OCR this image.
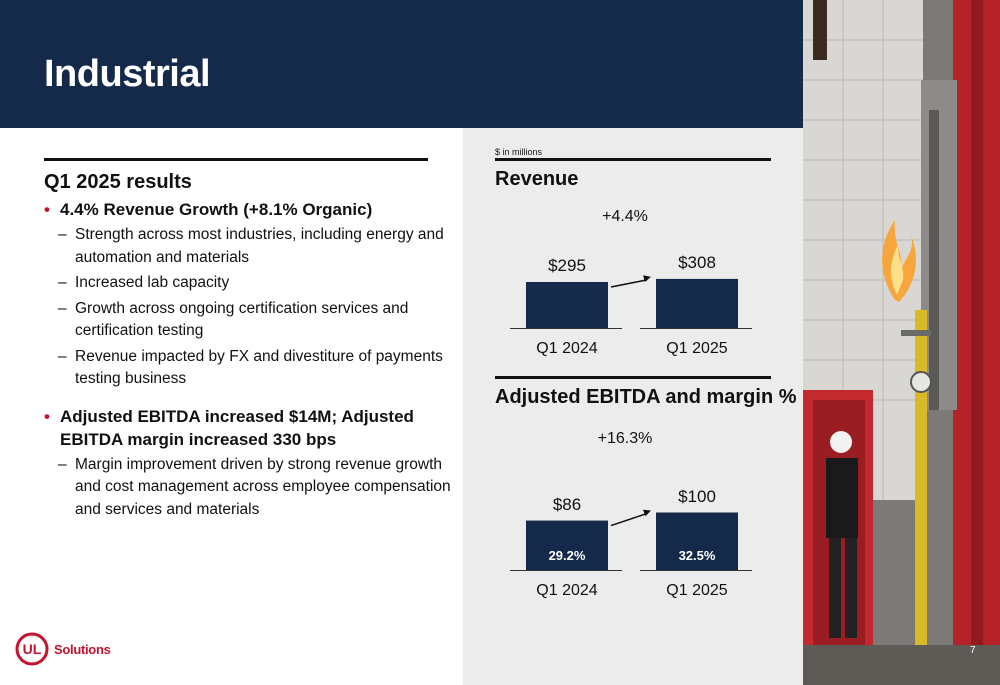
Industrial
Q1 2025 results
• 4.4% Revenue Growth (+8.1% Organic)
– Strength across most industries, including energy and automation and materials
– Increased lab capacity
– Growth across ongoing certification services and certification testing
– Revenue impacted by FX and divestiture of payments testing business
• Adjusted EBITDA increased $14M; Adjusted EBITDA margin increased 330 bps
– Margin improvement driven by strong revenue growth and cost management across employee compensation and services and materials
$ in millions
Revenue
$295
Q1 2024
$308
Q1 2025
+4.4%
Adjusted EBITDA and margin %
$86
Q1 2024
29.2%
$100
Q1 2025
32.5%
+16.3%
7
UL Solutions
